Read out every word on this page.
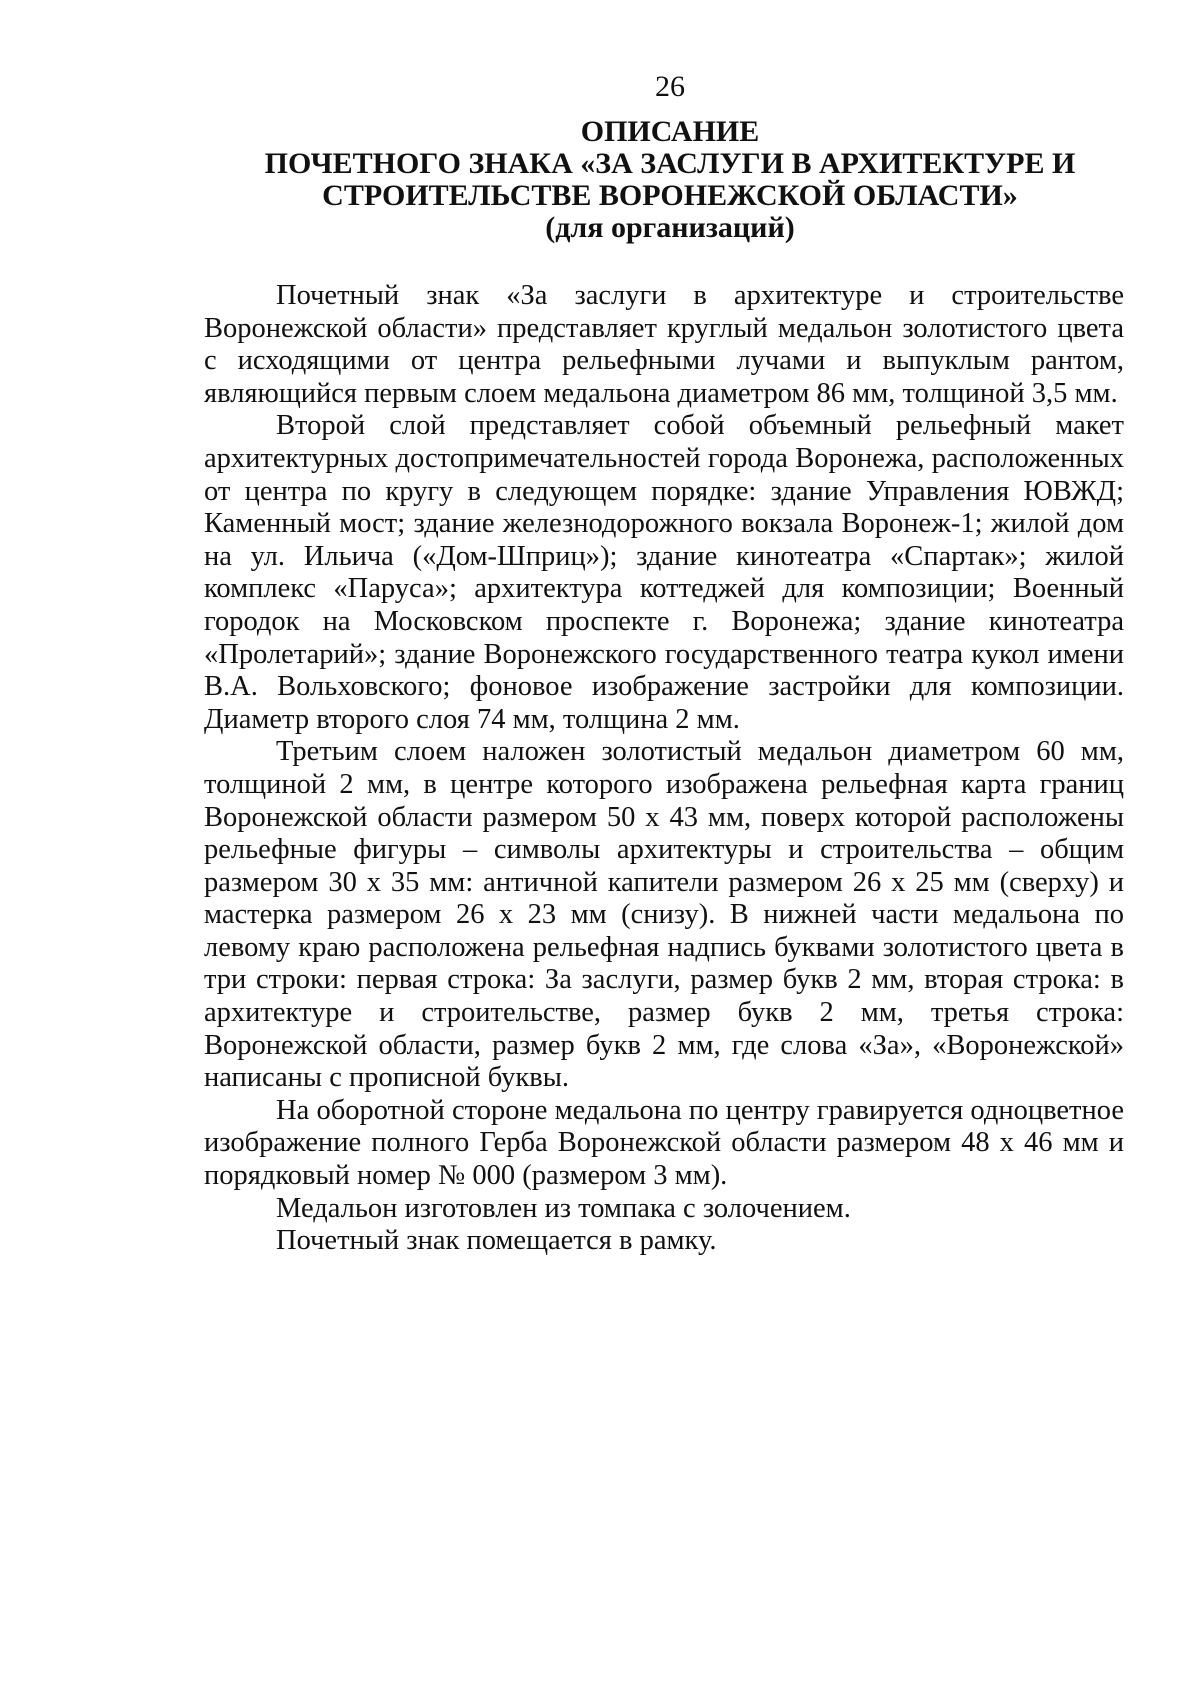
26
ОПИСАНИЕ
ПОЧЕТНОГО ЗНАКА «ЗА ЗАСЛУГИ В АРХИТЕКТУРЕ И
СТРОИТЕЛЬСТВЕ ВОРОНЕЖСКОЙ ОБЛАСТИ»
(для организаций)

Почетный знак «За заслуги в архитектуре и строительстве Воронежской области» представляет круглый медальон золотистого цвета с исходящими от центра рельефными лучами и выпуклым рантом, являющийся первым слоем медальона диаметром 86 мм, толщиной 3,5 мм.

Второй слой представляет собой объемный рельефный макет архитектурных достопримечательностей города Воронежа, расположенных от центра по кругу в следующем порядке: здание Управления ЮВЖД; Каменный мост; здание железнодорожного вокзала Воронеж-1; жилой дом на ул. Ильича («Дом-Шприц»); здание кинотеатра «Спартак»; жилой комплекс «Паруса»; архитектура коттеджей для композиции; Военный городок на Московском проспекте г. Воронежа; здание кинотеатра «Пролетарий»; здание Воронежского государственного театра кукол имени В.А. Вольховского; фоновое изображение застройки для композиции. Диаметр второго слоя 74 мм, толщина 2 мм.

Третьим слоем наложен золотистый медальон диаметром 60 мм, толщиной 2 мм, в центре которого изображена рельефная карта границ Воронежской области размером 50 х 43 мм, поверх которой расположены рельефные фигуры – символы архитектуры и строительства – общим размером 30 х 35 мм: античной капители размером 26 х 25 мм (сверху) и мастерка размером 26 х 23 мм (снизу). В нижней части медальона по левому краю расположена рельефная надпись буквами золотистого цвета в три строки: первая строка: За заслуги, размер букв 2 мм, вторая строка: в архитектуре и строительстве, размер букв 2 мм, третья строка: Воронежской области, размер букв 2 мм, где слова «За», «Воронежской» написаны с прописной буквы.

На оборотной стороне медальона по центру гравируется одноцветное изображение полного Герба Воронежской области размером 48 х 46 мм и порядковый номер № 000 (размером 3 мм).

Медальон изготовлен из томпака с золочением.

Почетный знак помещается в рамку.
